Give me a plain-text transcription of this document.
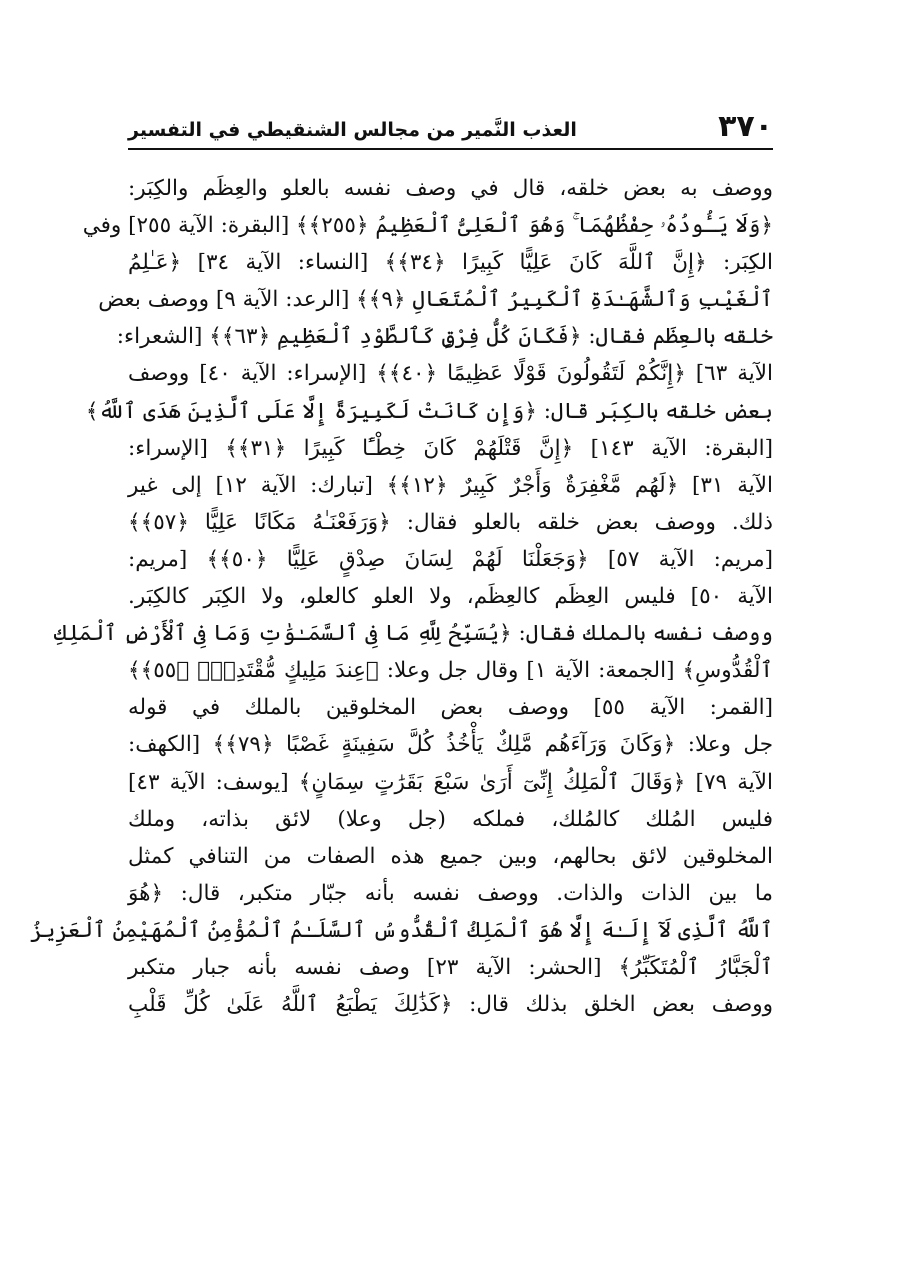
٣٧٠
العذب النَّمير من مجالس الشنقيطي في التفسير
ووصف به بعض خلقه، قال في وصف نفسه بالعلو والعِظَم والكِبَر:
﴿وَلَا يَـُٔودُهُۥ حِفْظُهُمَا ۚ وَهُوَ ٱلْعَلِىُّ ٱلْعَظِيمُ ﴿٢٥٥﴾﴾ [البقرة: الآية ٢٥٥] وفي
الكِبَر: ﴿إِنَّ ٱللَّهَ كَانَ عَلِيًّا كَبِيرًا ﴿٣٤﴾﴾ [النساء: الآية ٣٤] ﴿عَـٰلِمُ
ٱلْغَيْبِ وَٱلشَّهَـٰدَةِ ٱلْكَبِيرُ ٱلْمُتَعَالِ ﴿٩﴾﴾ [الرعد: الآية ٩] ووصف بعض
خلقه بالعِظَم فقال: ﴿فَكَانَ كُلُّ فِرْقٍ كَٱلطَّوْدِ ٱلْعَظِيمِ ﴿٦٣﴾﴾ [الشعراء:
الآية ٦٣] ﴿إِنَّكُمْ لَتَقُولُونَ قَوْلًا عَظِيمًا ﴿٤٠﴾﴾ [الإسراء: الآية ٤٠] ووصف
بعض خلقه بالكِبَر قال: ﴿وَإِن كَانَتْ لَكَبِيرَةً إِلَّا عَلَى ٱلَّذِينَ هَدَى ٱللَّهُ﴾
[البقرة: الآية ١٤٣] ﴿إِنَّ قَتْلَهُمْ كَانَ خِطْـًٔا كَبِيرًا ﴿٣١﴾﴾ [الإسراء:
الآية ٣١] ﴿لَهُم مَّغْفِرَةٌ وَأَجْرٌ كَبِيرٌ ﴿١٢﴾﴾ [تبارك: الآية ١٢] إلى غير
ذلك. ووصف بعض خلقه بالعلو فقال: ﴿وَرَفَعْنَـٰهُ مَكَانًا عَلِيًّا ﴿٥٧﴾﴾
[مريم: الآية ٥٧] ﴿وَجَعَلْنَا لَهُمْ لِسَانَ صِدْقٍ عَلِيًّا ﴿٥٠﴾﴾ [مريم:
الآية ٥٠] فليس العِظَم كالعِظَم، ولا العلو كالعلو، ولا الكِبَر كالكِبَر.
ووصف نفسه بالملك فقال: ﴿يُسَبِّحُ لِلَّهِ مَا فِى ٱلسَّمَـٰوَٰتِ وَمَا فِى ٱلْأَرْضِ ٱلْمَلِكِ
ٱلْقُدُّوسِ﴾ [الجمعة: الآية ١] وقال جل وعلا: ﴿عِندَ مَلِيكٍ مُّقْتَدِرٍۭ ﴿٥٥﴾﴾
[القمر: الآية ٥٥] ووصف بعض المخلوقين بالملك في قوله
جل وعلا: ﴿وَكَانَ وَرَآءَهُم مَّلِكٌ يَأْخُذُ كُلَّ سَفِينَةٍ غَصْبًا ﴿٧٩﴾﴾ [الكهف:
الآية ٧٩] ﴿وَقَالَ ٱلْمَلِكُ إِنِّىٓ أَرَىٰ سَبْعَ بَقَرَٰتٍ سِمَانٍ﴾ [يوسف: الآية ٤٣]
فليس المُلك كالمُلك، فملكه (جل وعلا) لائق بذاته، وملك
المخلوقين لائق بحالهم، وبين جميع هذه الصفات من التنافي كمثل
ما بين الذات والذات. ووصف نفسه بأنه جبّار متكبر، قال: ﴿هُوَ
ٱللَّهُ ٱلَّذِى لَآ إِلَـٰهَ إِلَّا هُوَ ٱلْمَلِكُ ٱلْقُدُّوسُ ٱلسَّلَـٰمُ ٱلْمُؤْمِنُ ٱلْمُهَيْمِنُ ٱلْعَزِيزُ
ٱلْجَبَّارُ ٱلْمُتَكَبِّرُ﴾ [الحشر: الآية ٢٣] وصف نفسه بأنه جبار متكبر
ووصف بعض الخلق بذلك قال: ﴿كَذَٰلِكَ يَطْبَعُ ٱللَّهُ عَلَىٰ كُلِّ قَلْبِ
